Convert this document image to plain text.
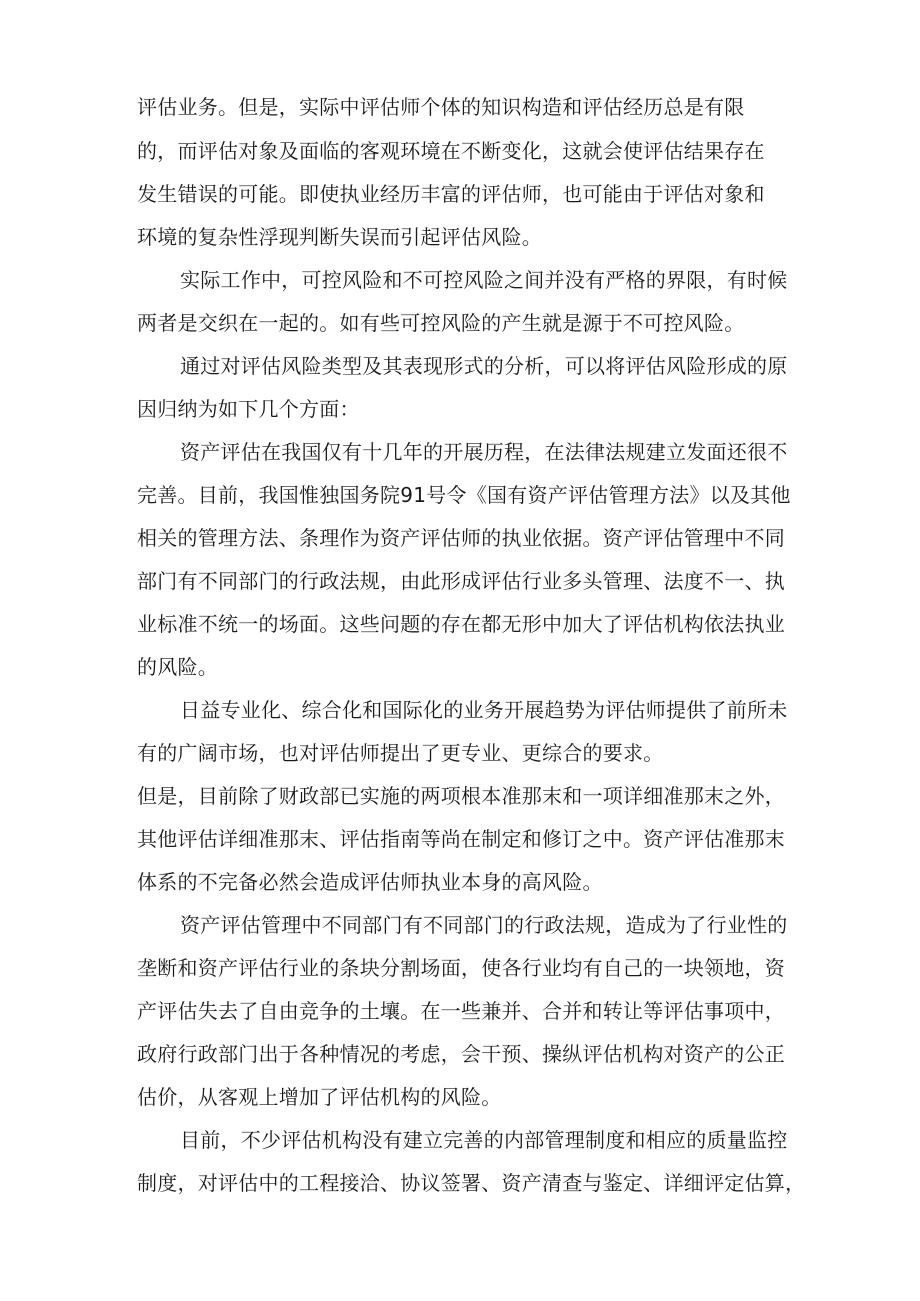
评估业务。但是，实际中评估师个体的知识构造和评估经历总是有限
的，而评估对象及面临的客观环境在不断变化，这就会使评估结果存在
发生错误的可能。即使执业经历丰富的评估师，也可能由于评估对象和
环境的复杂性浮现判断失误而引起评估风险。
实际工作中，可控风险和不可控风险之间并没有严格的界限，有时候
两者是交织在一起的。如有些可控风险的产生就是源于不可控风险。
通过对评估风险类型及其表现形式的分析，可以将评估风险形成的原
因归纳为如下几个方面：
资产评估在我国仅有十几年的开展历程，在法律法规建立发面还很不
完善。目前，我国惟独国务院91号令《国有资产评估管理方法》以及其他
相关的管理方法、条理作为资产评估师的执业依据。资产评估管理中不同
部门有不同部门的行政法规，由此形成评估行业多头管理、法度不一、执
业标准不统一的场面。这些问题的存在都无形中加大了评估机构依法执业
的风险。
日益专业化、综合化和国际化的业务开展趋势为评估师提供了前所未
有的广阔市场，也对评估师提出了更专业、更综合的要求。
但是，目前除了财政部已实施的两项根本准那末和一项详细准那末之外，
其他评估详细准那末、评估指南等尚在制定和修订之中。资产评估准那末
体系的不完备必然会造成评估师执业本身的高风险。
资产评估管理中不同部门有不同部门的行政法规，造成为了行业性的
垄断和资产评估行业的条块分割场面，使各行业均有自己的一块领地，资
产评估失去了自由竞争的土壤。在一些兼并、合并和转让等评估事项中，
政府行政部门出于各种情况的考虑，会干预、操纵评估机构对资产的公正
估价，从客观上增加了评估机构的风险。
目前，不少评估机构没有建立完善的内部管理制度和相应的质量监控
制度，对评估中的工程接洽、协议签署、资产清查与鉴定、详细评定估算，
